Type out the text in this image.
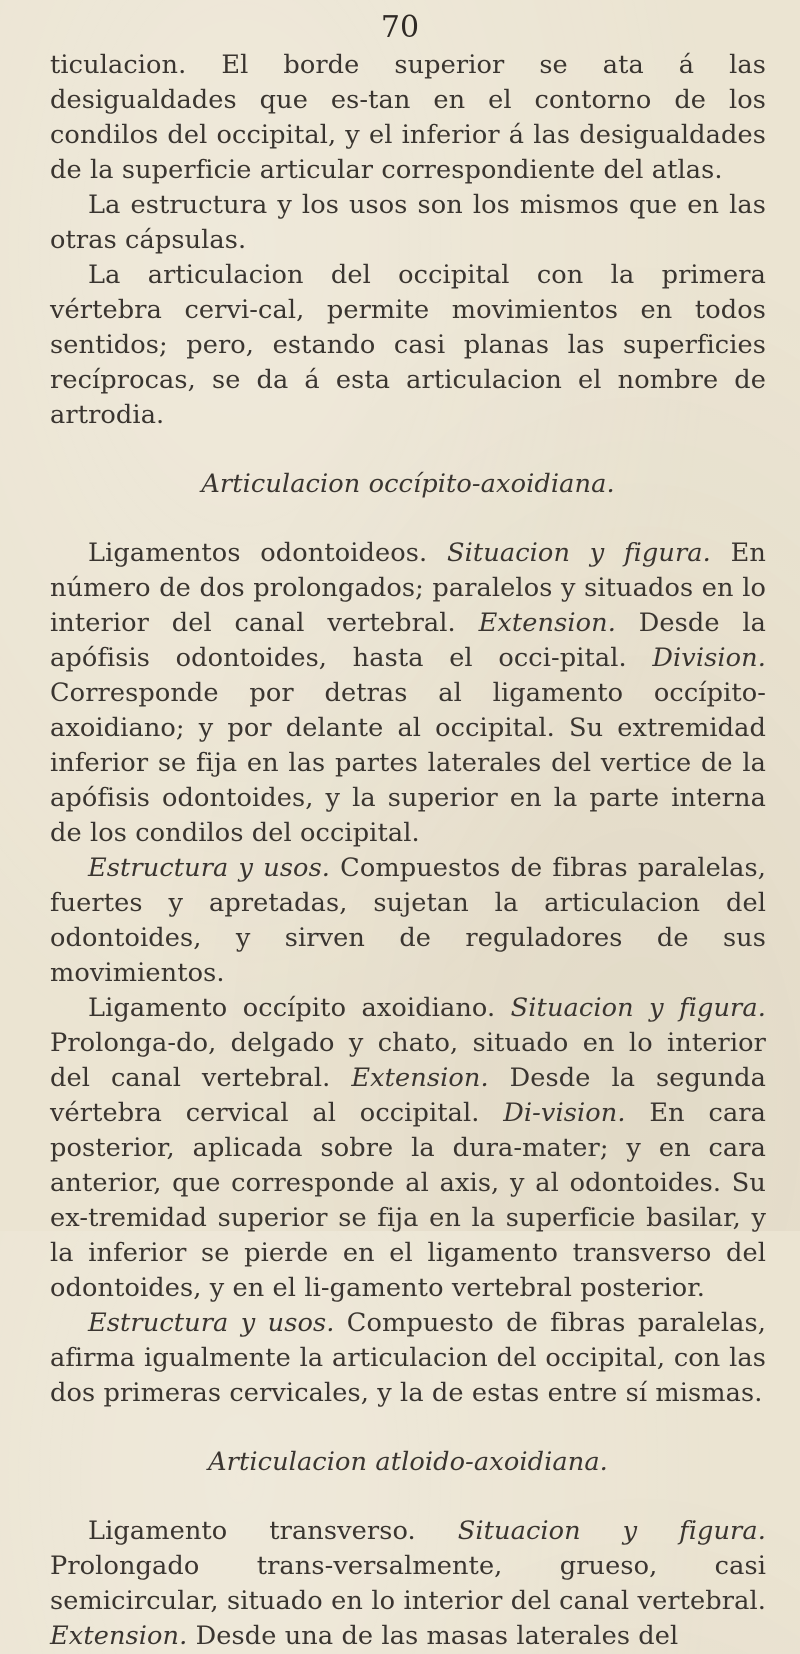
70

ticulacion. El borde superior se ata á las desigualdades que es-tan en el contorno de los condilos del occipital, y el inferior á las desigualdades de la superficie articular correspondiente del atlas.

La estructura y los usos son los mismos que en las otras cápsulas.

La articulacion del occipital con la primera vértebra cervi-cal, permite movimientos en todos sentidos; pero, estando casi planas las superficies recíprocas, se da á esta articulacion el nombre de artrodia.

Articulacion occípito-axoidiana.

Ligamentos odontoideos. Situacion y figura. En número de dos prolongados; paralelos y situados en lo interior del canal vertebral. Extension. Desde la apófisis odontoides, hasta el occi-pital. Division. Corresponde por detras al ligamento occípito-axoidiano; y por delante al occipital. Su extremidad inferior se fija en las partes laterales del vertice de la apófisis odontoides, y la superior en la parte interna de los condilos del occipital.

Estructura y usos. Compuestos de fibras paralelas, fuertes y apretadas, sujetan la articulacion del odontoides, y sirven de reguladores de sus movimientos.

Ligamento occípito axoidiano. Situacion y figura. Prolonga-do, delgado y chato, situado en lo interior del canal vertebral. Extension. Desde la segunda vértebra cervical al occipital. Di-vision. En cara posterior, aplicada sobre la dura-mater; y en cara anterior, que corresponde al axis, y al odontoides. Su ex-tremidad superior se fija en la superficie basilar, y la inferior se pierde en el ligamento transverso del odontoides, y en el li-gamento vertebral posterior.

Estructura y usos. Compuesto de fibras paralelas, afirma igualmente la articulacion del occipital, con las dos primeras cervicales, y la de estas entre sí mismas.

Articulacion atloido-axoidiana.

Ligamento transverso. Situacion y figura. Prolongado trans-versalmente, grueso, casi semicircular, situado en lo interior del canal vertebral. Extension. Desde una de las masas laterales del
